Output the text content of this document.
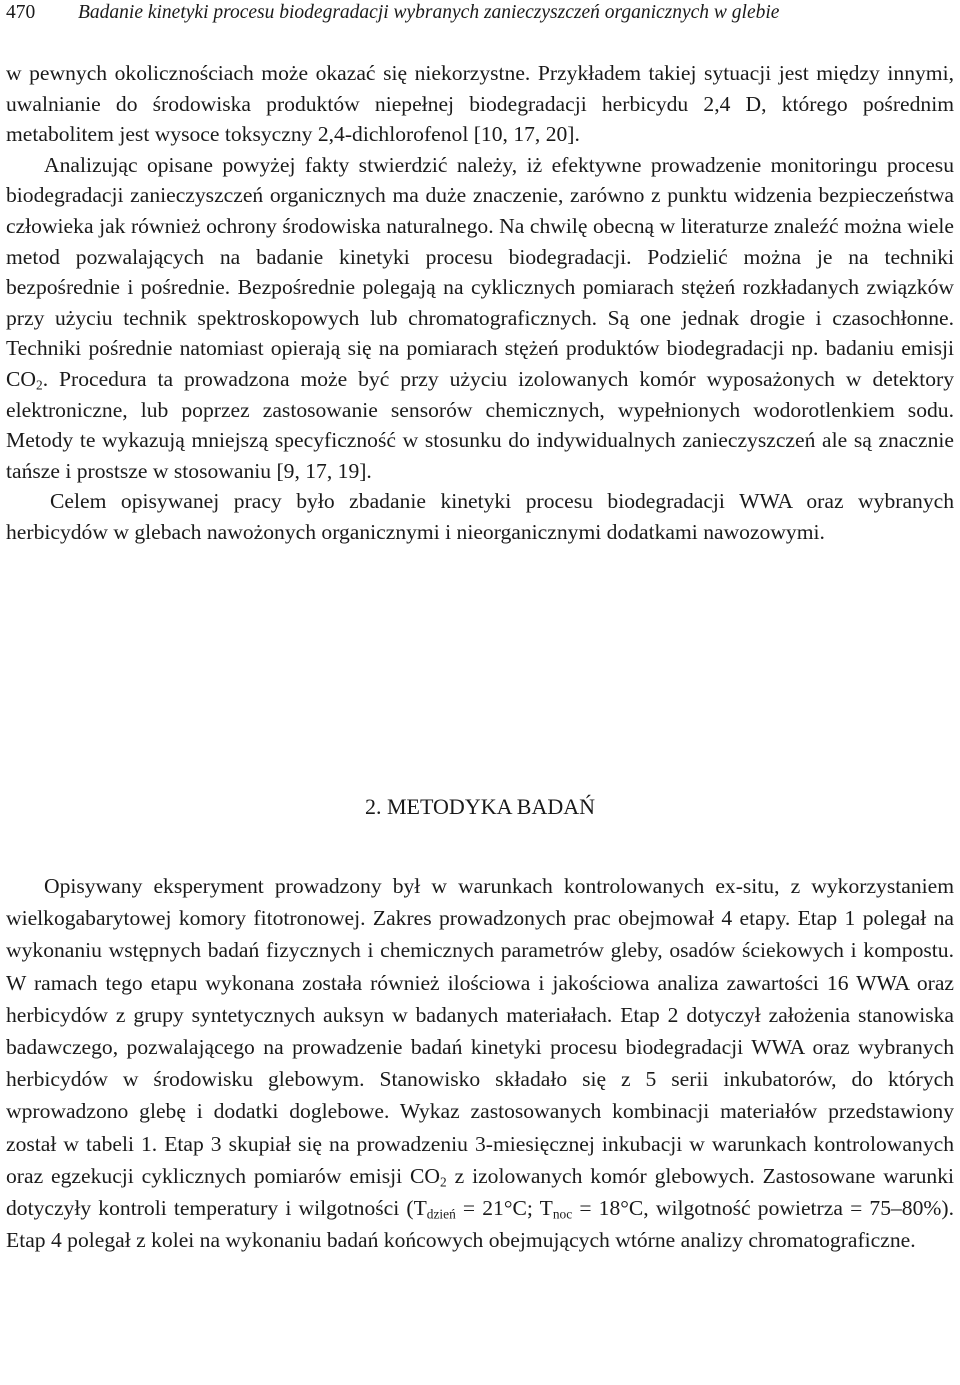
470 Badanie kinetyki procesu biodegradacji wybranych zanieczyszczeń organicznych w glebie

w pewnych okolicznościach może okazać się niekorzystne. Przykładem takiej sytuacji jest między innymi, uwalnianie do środowiska produktów niepełnej biodegradacji herbicydu 2,4 D, którego pośrednim metabolitem jest wysoce toksyczny 2,4-dichlorofenol [10, 17, 20].

Analizując opisane powyżej fakty stwierdzić należy, iż efektywne prowadzenie monitoringu procesu biodegradacji zanieczyszczeń organicznych ma duże znaczenie, zarówno z punktu widzenia bezpieczeństwa człowieka jak również ochrony środowiska naturalnego. Na chwilę obecną w literaturze znaleźć można wiele metod pozwalających na badanie kinetyki procesu biodegradacji. Podzielić można je na techniki bezpośrednie i pośrednie. Bezpośrednie polegają na cyklicznych pomiarach stężeń rozkładanych związków przy użyciu technik spektroskopowych lub chromatograficznych. Są one jednak drogie i czasochłonne. Techniki pośrednie natomiast opierają się na pomiarach stężeń produktów biodegradacji np. badaniu emisji $CO_2$. Procedura ta prowadzona może być przy użyciu izolowanych komór wyposażonych w detektory elektroniczne, lub poprzez zastosowanie sensorów chemicznych, wypełnionych wodorotlenkiem sodu. Metody te wykazują mniejszą specyficzność w stosunku do indywidualnych zanieczyszczeń ale są znacznie tańsze i prostsze w stosowaniu [9, 17, 19].

Celem opisywanej pracy było zbadanie kinetyki procesu biodegradacji WWA oraz wybranych herbicydów w glebach nawożonych organicznymi i nieorganicznymi dodatkami nawozowymi.

2. METODYKA BADAŃ

Opisywany eksperyment prowadzony był w warunkach kontrolowanych ex-situ, z wykorzystaniem wielkogabarytowej komory fitotronowej. Zakres prowadzonych prac obejmował 4 etapy. Etap 1 polegał na wykonaniu wstępnych badań fizycznych i chemicznych parametrów gleby, osadów ściekowych i kompostu. W ramach tego etapu wykonana została również ilościowa i jakościowa analiza zawartości 16 WWA oraz herbicydów z grupy syntetycznych auksyn w badanych materiałach. Etap 2 dotyczył założenia stanowiska badawczego, pozwalającego na prowadzenie badań kinetyki procesu biodegradacji WWA oraz wybranych herbicydów w środowisku glebowym. Stanowisko składało się z 5 serii inkubatorów, do których wprowadzono glebę i dodatki doglebowe. Wykaz zastosowanych kombinacji materiałów przedstawiony został w tabeli 1. Etap 3 skupiał się na prowadzeniu 3-miesięcznej inkubacji w warunkach kontrolowanych oraz egzekucji cyklicznych pomiarów emisji $CO_2$ z izolowanych komór glebowych. Zastosowane warunki dotyczyły kontroli temperatury i wilgotności ($T_{dzień} = 21^\circ C$; $T_{noc} = 18^\circ C$, wilgotność powietrza = 75–80%). Etap 4 polegał z kolei na wykonaniu badań końcowych obejmujących wtórne analizy chromatograficzne.
